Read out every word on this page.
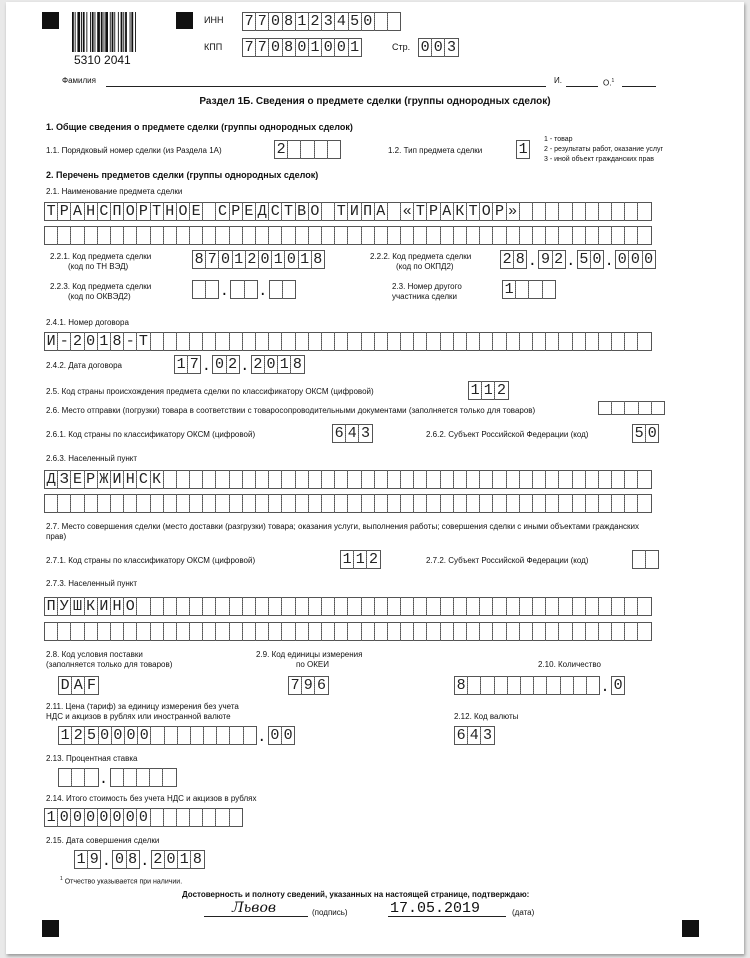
5310 2041
ИНН 7 7 0 8 1 2 3 4 5 0
КПП 7 7 0 8 0 1 0 0 1	Стр. 0 0 3
Фамилия	И.	О.$^1$
Раздел 1Б. Сведения о предмете сделки (группы однородных сделок)
1. Общие сведения о предмете сделки (группы однородных сделок)
1.1. Порядковый номер сделки (из Раздела 1А)	2	1.2. Тип предмета сделки 1
1 - товар
2 - результаты работ, оказание услуг
3 - иной объект гражданских прав
2. Перечень предметов сделки (группы однородных сделок)
2.1. Наименование предмета сделки
Т Р А Н С П О Р Т Н О Е С Р Е Д С Т В О Т И П А « Т Р А К Т О Р »
2.2.1. Код предмета сделки
(код по ТН ВЭД)	8 7 0 1 2 0 1 0 1 8	2.2.2. Код предмета сделки
(код по ОКПД2)	2 8 . 9 2 . 5 0 . 0 0 0
2.2.3. Код предмета сделки
(код по ОКВЭД2)	. .	2.3. Номер другого
участника сделки	1
2.4.1. Номер договора
И - 2 0 1 8 - Т
2.4.2. Дата договора	1 7 . 0 2 . 2 0 1 8
2.5. Код страны происхождения предмета сделки по классификатору ОКСМ (цифровой)	1 1 2
2.6. Место отправки (погрузки) товара в соответствии с товаросопроводительными документами (заполняется только для товаров)
2.6.1. Код страны по классификатору ОКСМ (цифровой)	6 4 3	2.6.2. Субъект Российской Федерации (код)	5 0
2.6.3. Населенный пункт
Д З Е Р Ж И Н С К
2.7. Место совершения сделки (место доставки (разгрузки) товара; оказания услуги, выполнения работы; совершения сделки с иными объектами гражданских
прав)
2.7.1. Код страны по классификатору ОКСМ (цифровой)	1 1 2	2.7.2. Субъект Российской Федерации (код)
2.7.3. Населенный пункт
П У Ш К И Н О
2.8. Код условия поставки
(заполняется только для товаров)
D A F
2.9. Код единицы измерения
по ОКЕИ
7 9 6
2.10. Количество
8	. 0
2.11. Цена (тариф) за единицу измерения без учета
НДС и акцизов в рублях или иностранной валюте
1 2 5 0 0 0 0	. 0 0
2.12. Код валюты
6 4 3
2.13. Процентная ставка
.
2.14. Итого стоимость без учета НДС и акцизов в рублях
1 0 0 0 0 0 0 0
2.15. Дата совершения сделки
1 9 . 0 8 . 2 0 1 8
$^1$ Отчество указывается при наличии.
Достоверность и полноту сведений, указанных на настоящей странице, подтверждаю:
Львов	(подпись)	17.05.2019	(дата)
